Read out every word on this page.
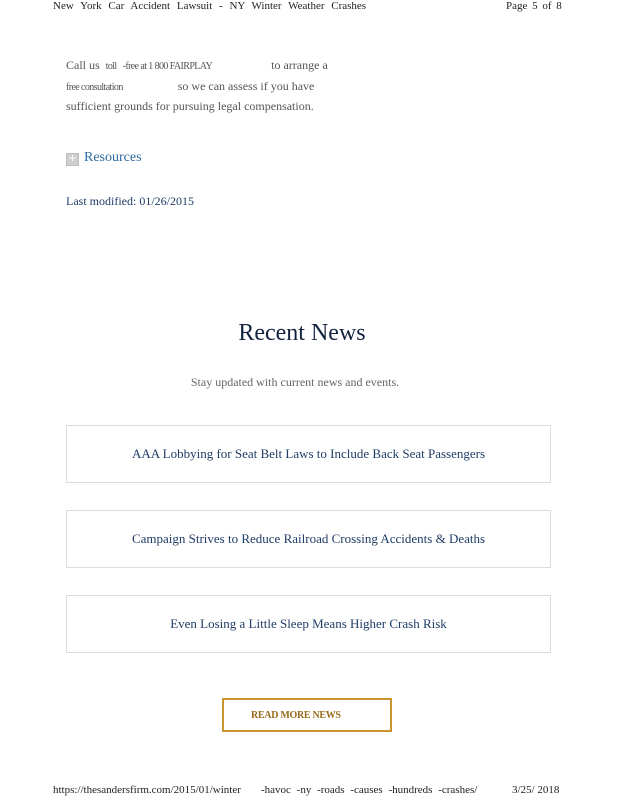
New York Car Accident Lawsuit - NY Winter Weather Crashes	Page 5 of 8
Call us toll -free at 1 800 FAIRPLAY	to arrange a
free consultation	so we can assess if you have sufficient grounds for pursuing legal compensation.
+ Resources
Last modified: 01/26/2015
Recent News
Stay updated with current news and events.
AAA Lobbying for Seat Belt Laws to Include Back Seat Passengers
Campaign Strives to Reduce Railroad Crossing Accidents & Deaths
Even Losing a Little Sleep Means Higher Crash Risk
READ MORE NEWS
https://thesandersfirm.com/2015/01/winter -havoc -ny -roads -causes -hundreds -crashes/	3/25/ 2018
